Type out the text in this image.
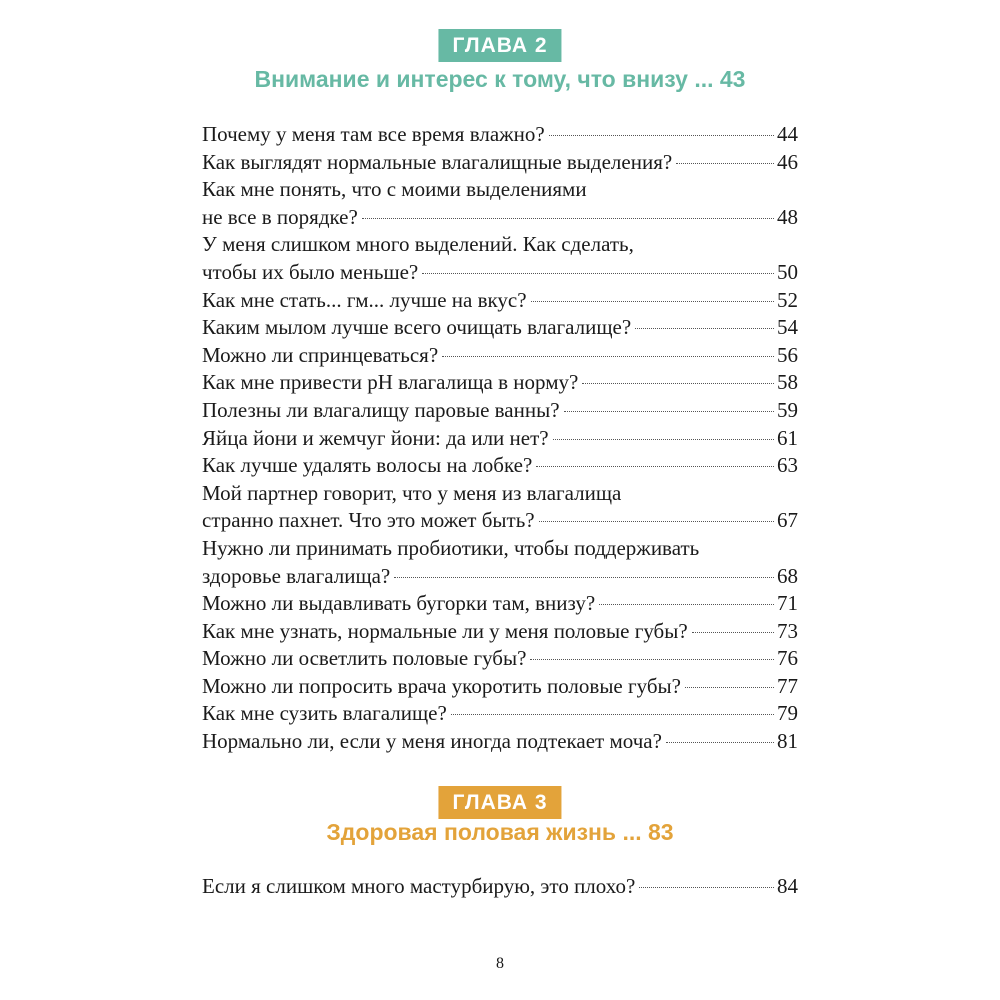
ГЛАВА 2
Внимание и интерес к тому, что внизу ... 43
Почему у меня там все время влажно?	44
Как выглядят нормальные влагалищные выделения?	46
Как мне понять, что с моими выделениями
не все в порядке?	48
У меня слишком много выделений. Как сделать,
чтобы их было меньше?	50
Как мне стать... гм... лучше на вкус?	52
Каким мылом лучше всего очищать влагалище?	54
Можно ли спринцеваться?	56
Как мне привести pH влагалища в норму?	58
Полезны ли влагалищу паровые ванны?	59
Яйца йони и жемчуг йони: да или нет?	61
Как лучше удалять волосы на лобке?	63
Мой партнер говорит, что у меня из влагалища
странно пахнет. Что это может быть?	67
Нужно ли принимать пробиотики, чтобы поддерживать
здоровье влагалища?	68
Можно ли выдавливать бугорки там, внизу?	71
Как мне узнать, нормальные ли у меня половые губы?	73
Можно ли осветлить половые губы?	76
Можно ли попросить врача укоротить половые губы?	77
Как мне сузить влагалище?	79
Нормально ли, если у меня иногда подтекает моча?	81
ГЛАВА 3
Здоровая половая жизнь ... 83
Если я слишком много мастурбирую, это плохо?	84
8
